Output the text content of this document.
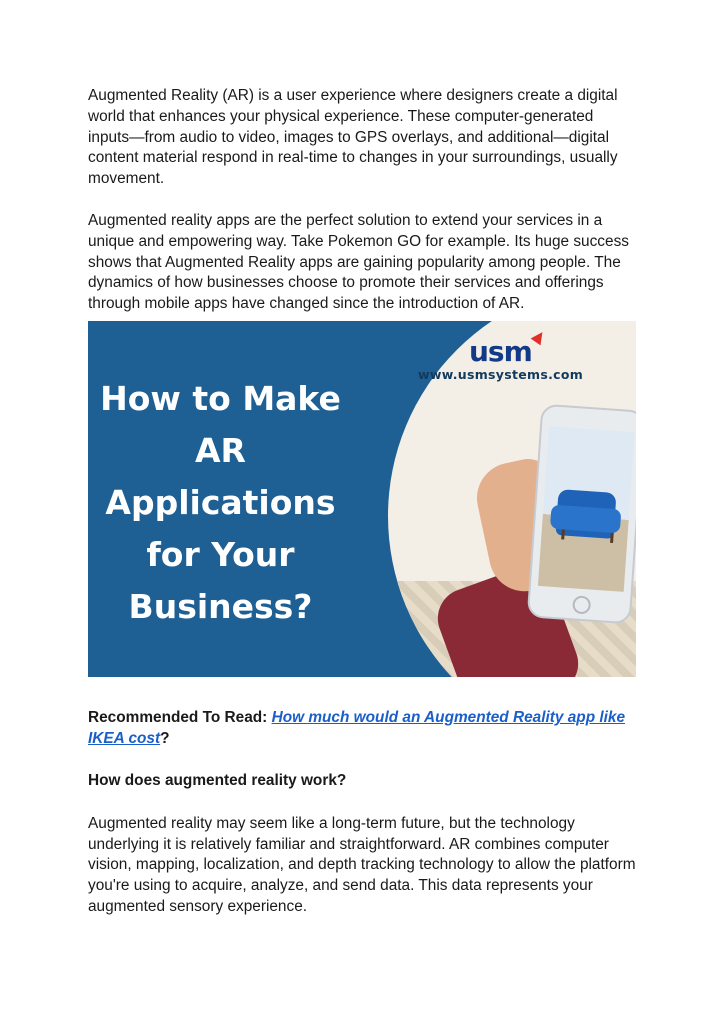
Augmented Reality (AR) is a user experience where designers create a digital world that enhances your physical experience. These computer-generated inputs—from audio to video, images to GPS overlays, and additional—digital content material respond in real-time to changes in your surroundings, usually movement.

Augmented reality apps are the perfect solution to extend your services in a unique and empowering way. Take Pokemon GO for example. Its huge success shows that Augmented Reality apps are gaining popularity among people. The dynamics of how businesses choose to promote their services and offerings through mobile apps have changed since the introduction of AR.

usm
www.usmsystems.com
How to Make
AR
Applications
for Your
Business?
Recommended To Read: How much would an Augmented Reality app like IKEA cost?
How does augmented reality work?

Augmented reality may seem like a long-term future, but the technology underlying it is relatively familiar and straightforward. AR combines computer vision, mapping, localization, and depth tracking technology to allow the platform you're using to acquire, analyze, and send data. This data represents your augmented sensory experience.
